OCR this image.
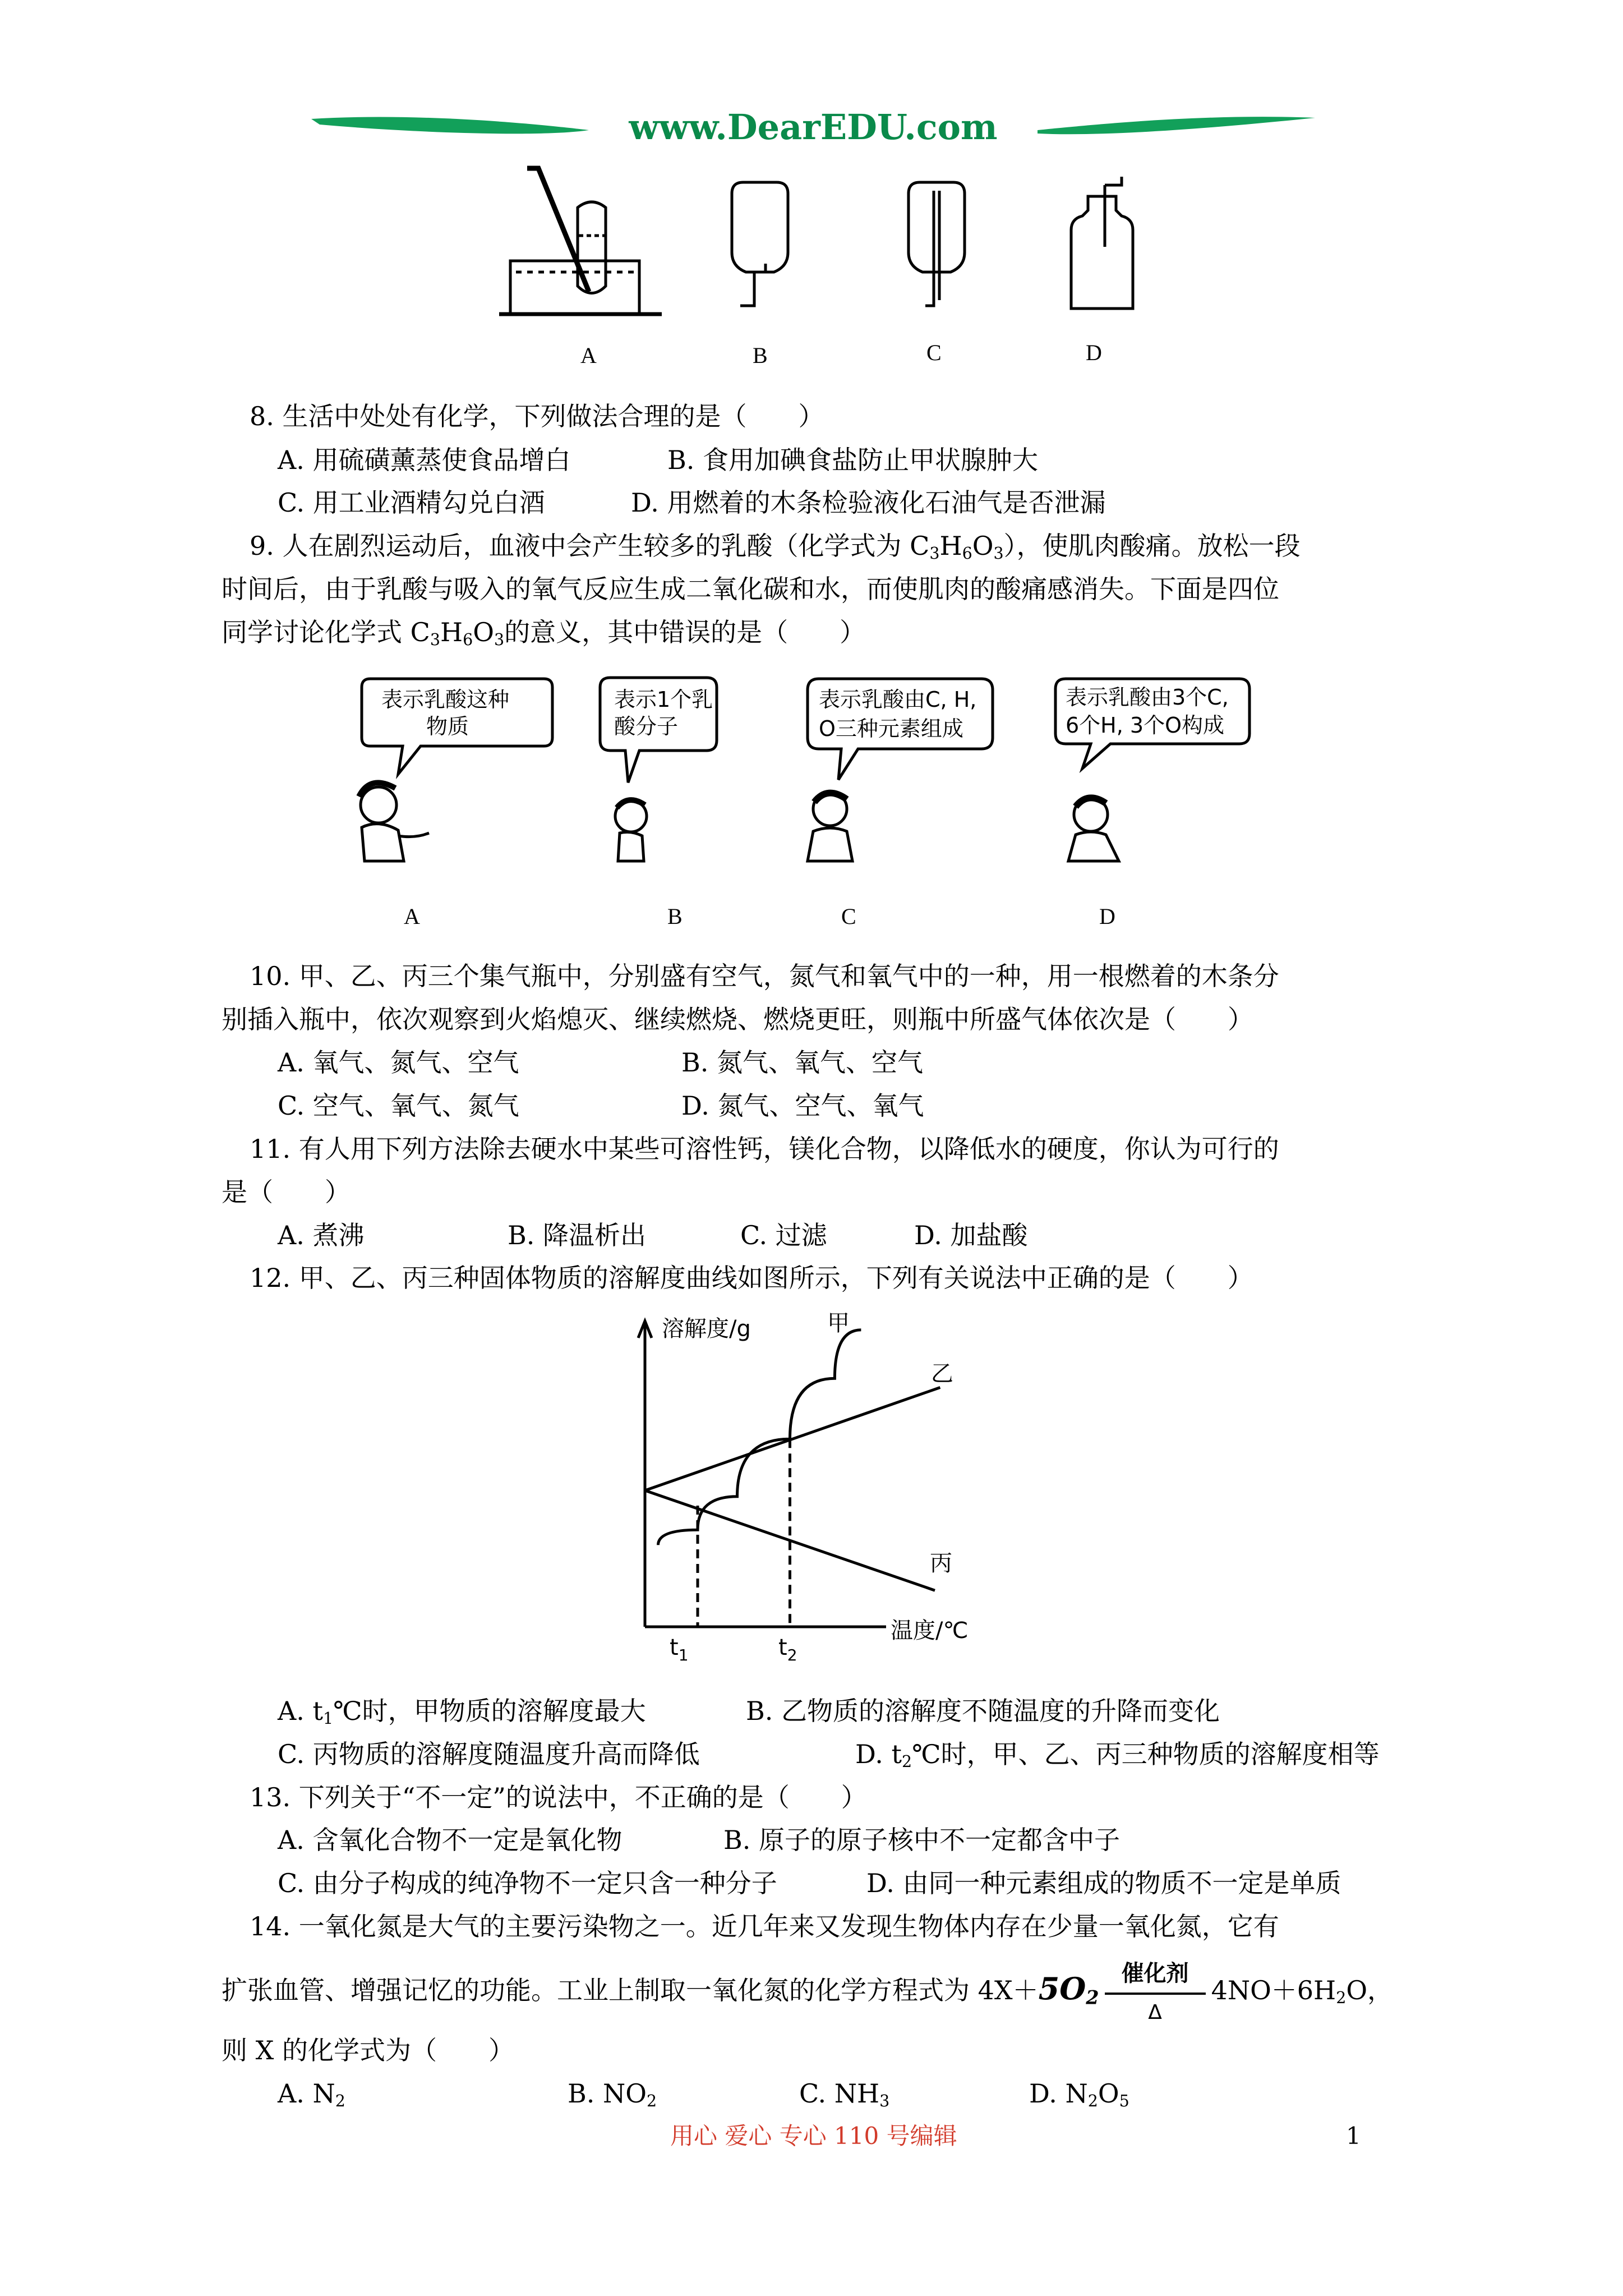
www.DearEDU.com
A	B	C	D
8. 生活中处处有化学，下列做法合理的是（　　）
A. 用硫磺薰蒸使食品增白	B. 食用加碘食盐防止甲状腺肿大
C. 用工业酒精勾兑白酒	D. 用燃着的木条检验液化石油气是否泄漏
9. 人在剧烈运动后，血液中会产生较多的乳酸（化学式为 $C_3H_6O_3$），使肌肉酸痛。放松一段
时间后，由于乳酸与吸入的氧气反应生成二氧化碳和水，而使肌肉的酸痛感消失。下面是四位
同学讨论化学式 $C_3H_6O_3$的意义，其中错误的是（　　）
表示乳酸这种
物质
表示1个乳
酸分子
表示乳酸由C, H,
O三种元素组成
表示乳酸由3个C,
6个H, 3个O构成
A	B	C	D
10. 甲、乙、丙三个集气瓶中，分别盛有空气，氮气和氧气中的一种，用一根燃着的木条分
别插入瓶中，依次观察到火焰熄灭、继续燃烧、燃烧更旺，则瓶中所盛气体依次是（　　）
A. 氧气、氮气、空气	B. 氮气、氧气、空气
C. 空气、氧气、氮气	D. 氮气、空气、氧气
11. 有人用下列方法除去硬水中某些可溶性钙，镁化合物，以降低水的硬度，你认为可行的
是（　　）
A. 煮沸	B. 降温析出	C. 过滤	D. 加盐酸
12. 甲、乙、丙三种固体物质的溶解度曲线如图所示，下列有关说法中正确的是（　　）
溶解度/g	甲
乙
丙
温度/℃
$t_1$	$t_2$
A. $t_1℃$时，甲物质的溶解度最大	B. 乙物质的溶解度不随温度的升降而变化
C. 丙物质的溶解度随温度升高而降低	D. $t_2℃$时，甲、乙、丙三种物质的溶解度相等
13. 下列关于“不一定”的说法中，不正确的是（　　）
A. 含氧化合物不一定是氧化物	B. 原子的原子核中不一定都含中子
C. 由分子构成的纯净物不一定只含一种分子	D. 由同一种元素组成的物质不一定是单质
14. 一氧化氮是大气的主要污染物之一。近几年来又发现生物体内存在少量一氧化氮，它有
扩张血管、增强记忆的功能。工业上制取一氧化氮的化学方程式为 $4X+5O_2$
催化剂
Δ
$4NO+6H_2O$，
则 X 的化学式为（　　）
A. $N_2$	B. $NO_2$	C. $NH_3$	D. $N_2O_5$
用心 爱心 专心 110 号编辑	1
